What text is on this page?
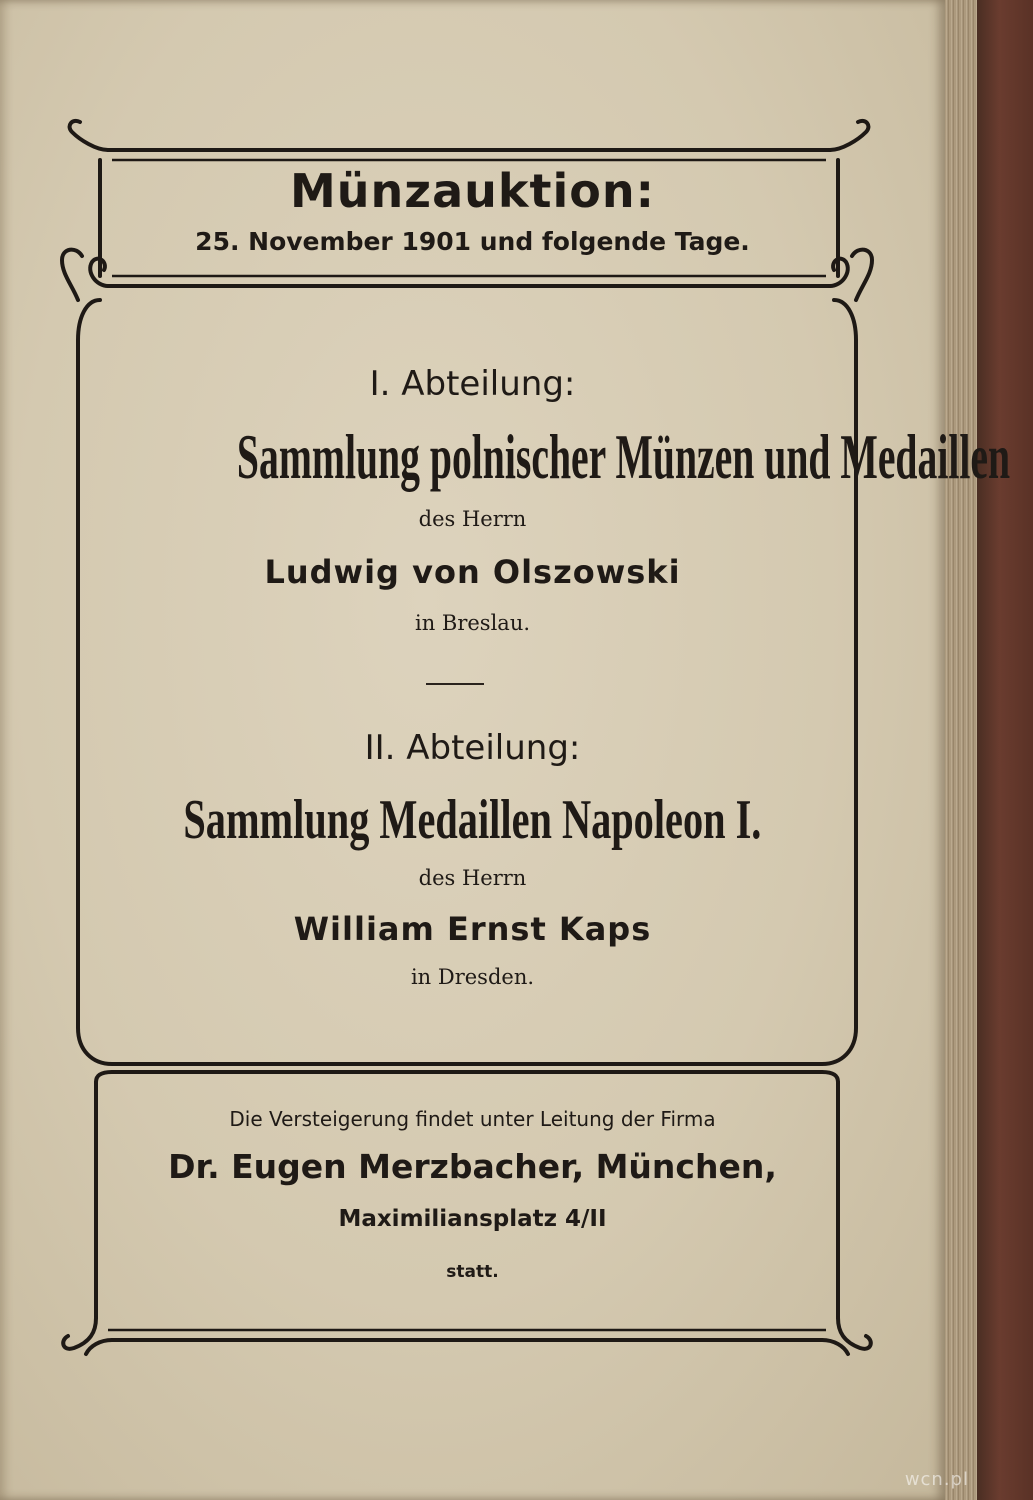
Münzauktion:
25. November 1901 und folgende Tage.
I. Abteilung:
Sammlung polnischer Münzen und Medaillen
des Herrn
Ludwig von Olszowski
in Breslau.
II. Abteilung:
Sammlung Medaillen Napoleon I.
des Herrn
William Ernst Kaps
in Dresden.
Die Versteigerung findet unter Leitung der Firma
Dr. Eugen Merzbacher, München,
Maximiliansplatz 4/II
statt.
wcn.pl
